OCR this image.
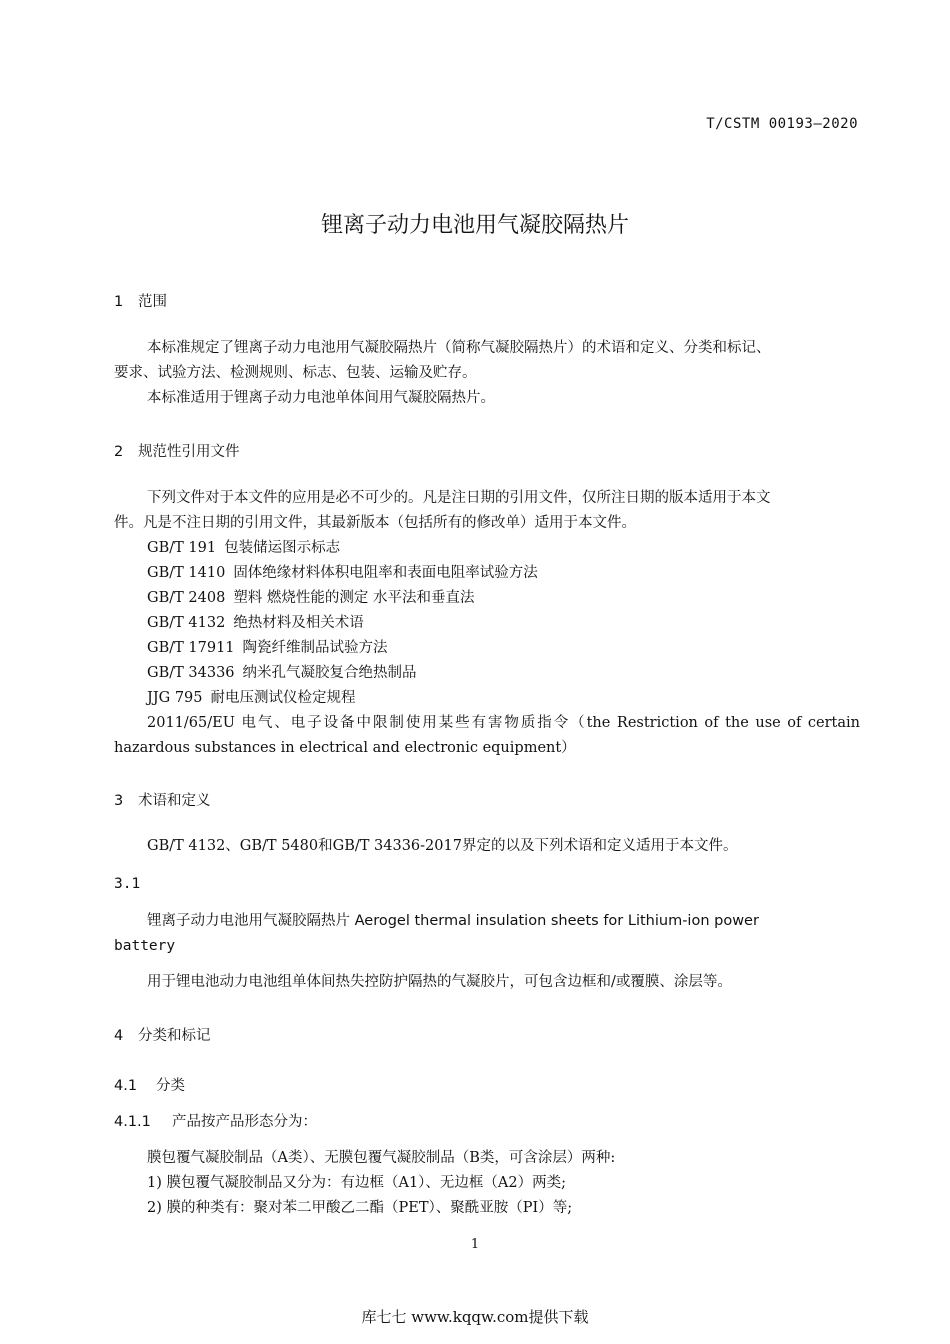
T/CSTM 00193—2020
锂离子动力电池用气凝胶隔热片
1 范围
本标准规定了锂离子动力电池用气凝胶隔热片（简称气凝胶隔热片）的术语和定义、分类和标记、
要求、试验方法、检测规则、标志、包装、运输及贮存。
本标准适用于锂离子动力电池单体间用气凝胶隔热片。
2 规范性引用文件
下列文件对于本文件的应用是必不可少的。凡是注日期的引用文件，仅所注日期的版本适用于本文
件。凡是不注日期的引用文件，其最新版本（包括所有的修改单）适用于本文件。
GB/T 191 包装储运图示标志
GB/T 1410 固体绝缘材料体积电阻率和表面电阻率试验方法
GB/T 2408 塑料 燃烧性能的测定 水平法和垂直法
GB/T 4132 绝热材料及相关术语
GB/T 17911 陶瓷纤维制品试验方法
GB/T 34336 纳米孔气凝胶复合绝热制品
JJG 795 耐电压测试仪检定规程
2011/65/EU 电气、电子设备中限制使用某些有害物质指令（the Restriction of the use of certain
hazardous substances in electrical and electronic equipment）
3 术语和定义
GB/T 4132、GB/T 5480和GB/T 34336-2017界定的以及下列术语和定义适用于本文件。
3.1
锂离子动力电池用气凝胶隔热片 Aerogel thermal insulation sheets for Lithium-ion power
battery
用于锂电池动力电池组单体间热失控防护隔热的气凝胶片，可包含边框和/或覆膜、涂层等。
4 分类和标记
4.1 分类
4.1.1 产品按产品形态分为：
膜包覆气凝胶制品（A类）、无膜包覆气凝胶制品（B类，可含涂层）两种:
1) 膜包覆气凝胶制品又分为：有边框（A1）、无边框（A2）两类;
2) 膜的种类有：聚对苯二甲酸乙二酯（PET）、聚酰亚胺（PI）等;
1
库七七 www.kqqw.com提供下载
